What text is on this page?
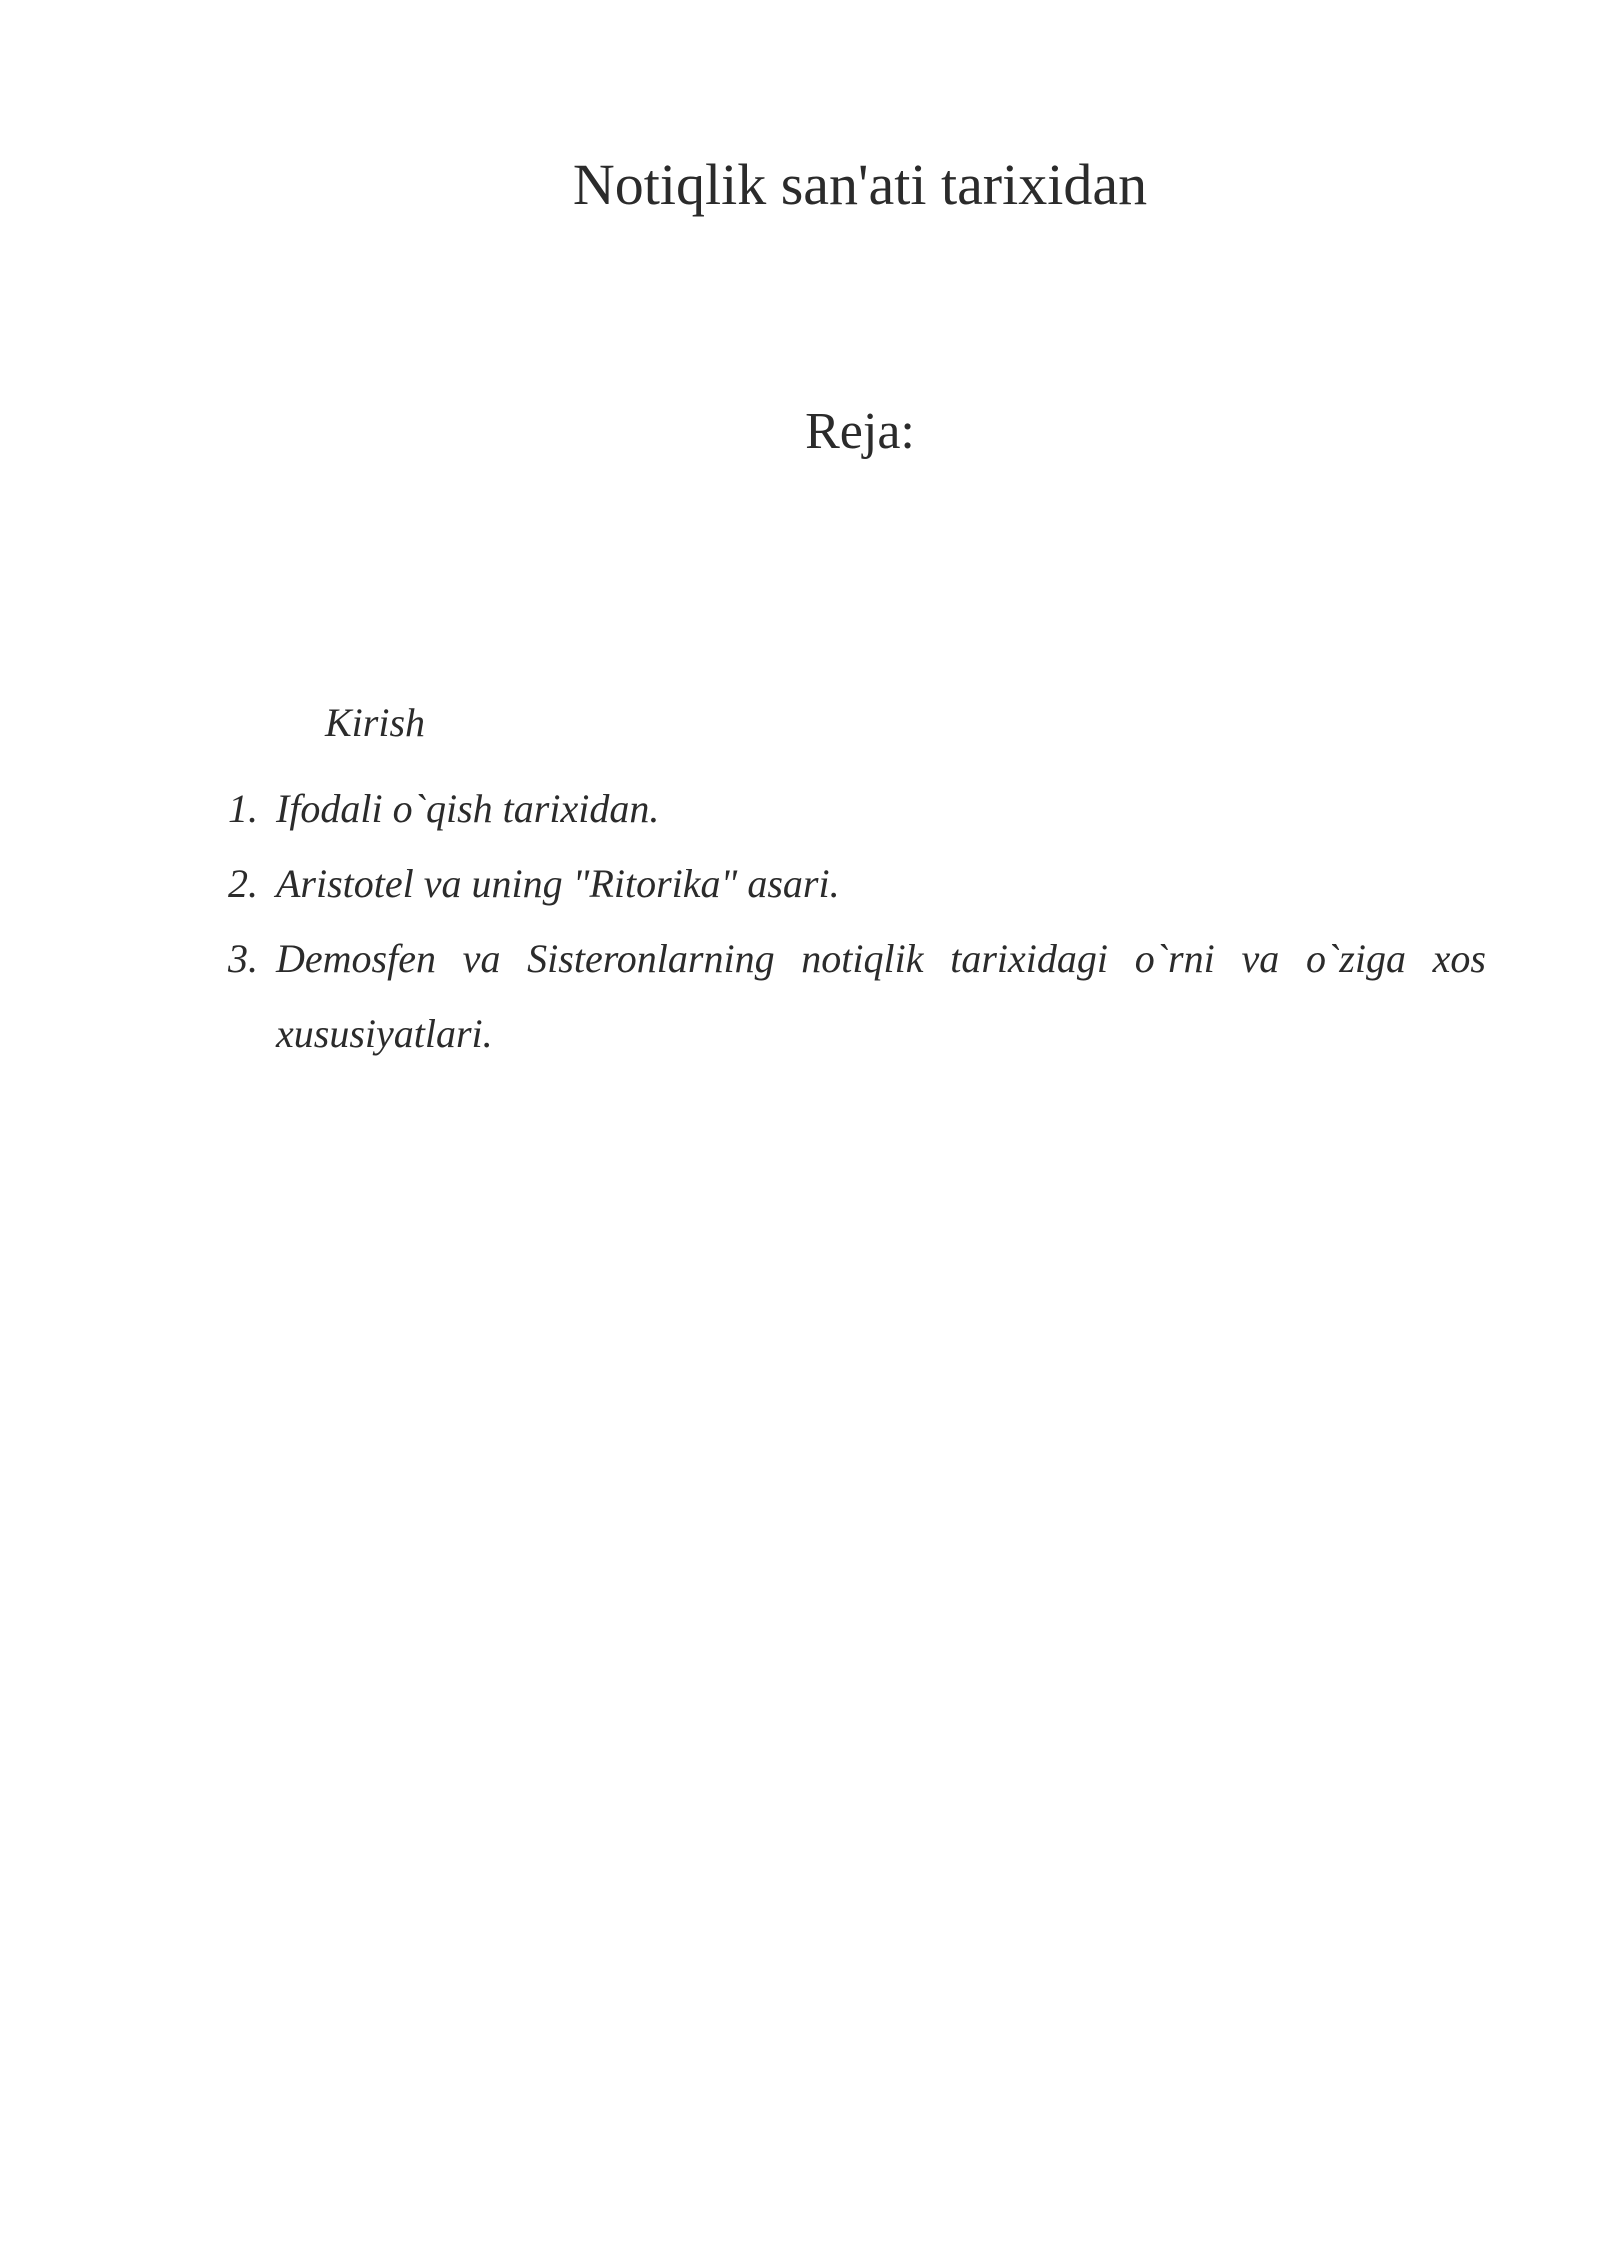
Notiqlik san'ati tarixidan
Reja:
Kirish
1. Ifodali o`qish tarixidan.
2. Aristotel va uning "Ritorika" asari.
3. Demosfen va Sisteronlarning notiqlik tarixidagi o`rni va o`ziga xos xususiyatlari.
